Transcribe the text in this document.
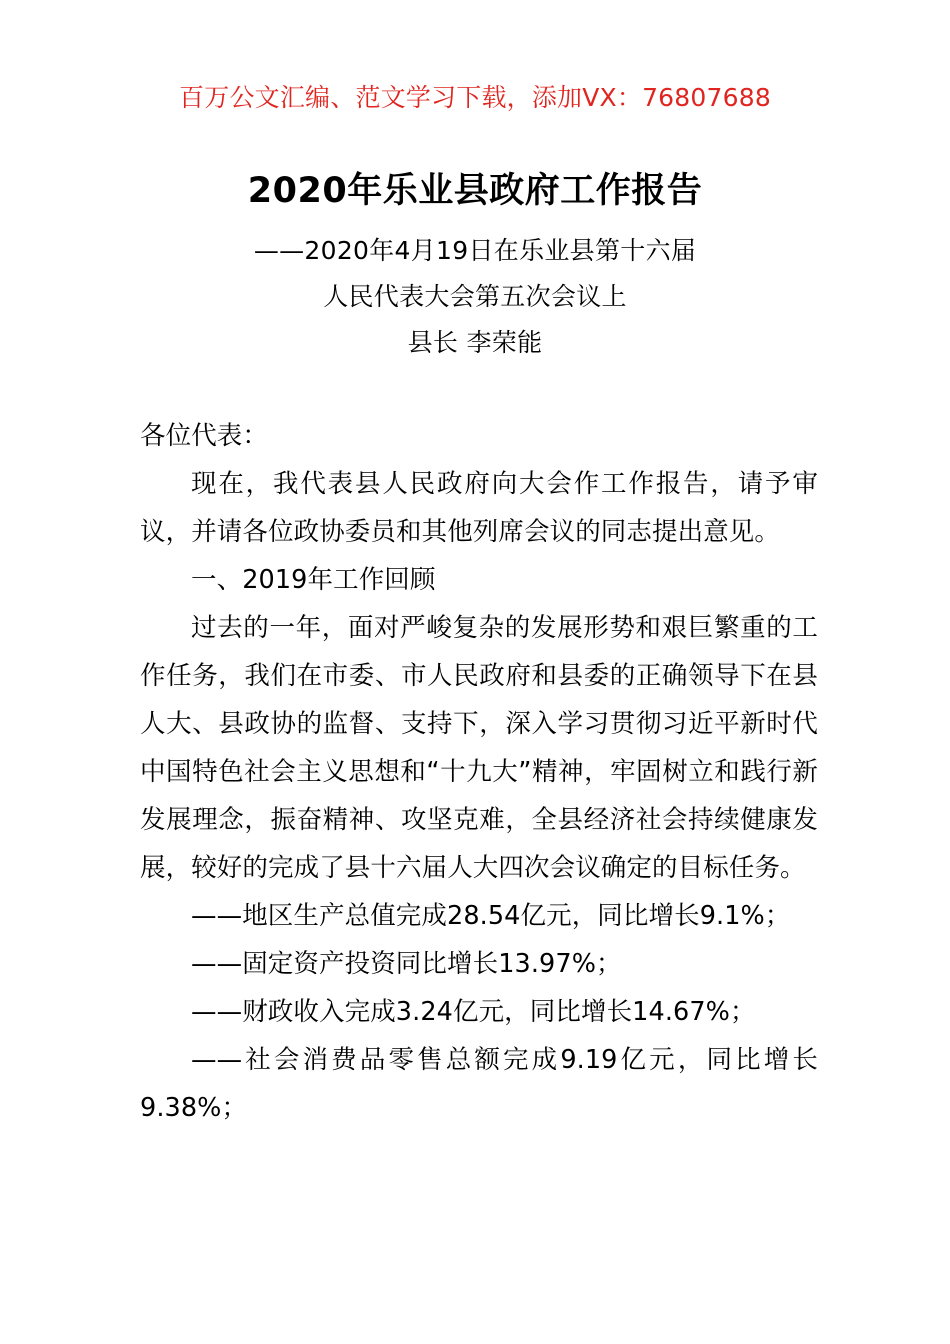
百万公文汇编、范文学习下载，添加VX：76807688
2020年乐业县政府工作报告
——2020年4月19日在乐业县第十六届
人民代表大会第五次会议上
县长 李荣能

各位代表：

现在，我代表县人民政府向大会作工作报告，请予审议，并请各位政协委员和其他列席会议的同志提出意见。

一、2019年工作回顾

过去的一年，面对严峻复杂的发展形势和艰巨繁重的工作任务，我们在市委、市人民政府和县委的正确领导下在县人大、县政协的监督、支持下，深入学习贯彻习近平新时代中国特色社会主义思想和“十九大”精神，牢固树立和践行新发展理念，振奋精神、攻坚克难，全县经济社会持续健康发展，较好的完成了县十六届人大四次会议确定的目标任务。

——地区生产总值完成28.54亿元，同比增长9.1%；

——固定资产投资同比增长13.97%；

——财政收入完成3.24亿元，同比增长14.67%；

——社会消费品零售总额完成9.19亿元，同比增长9.38%；
